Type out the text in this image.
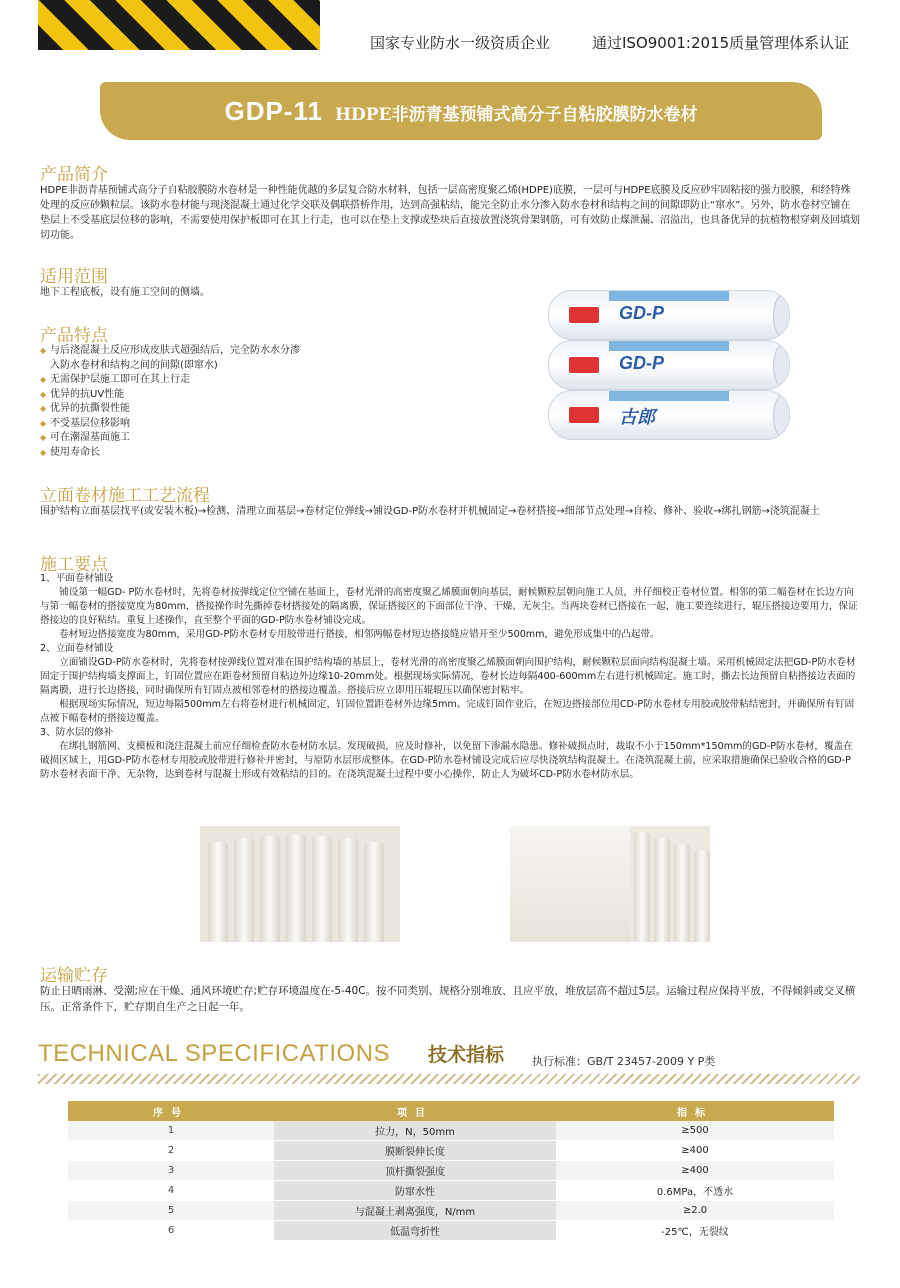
国家专业防水一级资质企业	通过ISO9001:2015质量管理体系认证
GDP-11 HDPE非沥青基预铺式高分子自粘胶膜防水卷材
产品简介
HDPE非沥青基预铺式高分子自粘胶膜防水卷材是一种性能优越的多层复合防水材料，包括一层高密度聚乙烯(HDPE)底膜，一层可与HDPE底膜及反应砂牢固粘接的强力胶膜，和经特殊处理的反应砂颗粒层。该防水卷材能与现浇混凝土通过化学交联及偶联搭桥作用，达到高强粘结，能完全防止水分渗入防水卷材和结构之间的间隙即防止“窜水”。另外，防水卷材空铺在垫层上不受基底层位移的影响，不需要使用保护板即可在其上行走，也可以在垫上支撑或垫块后直接放置浇筑骨架钢筋，可有效防止煤泄漏、沼溢出，也具备优异的抗植物根穿刺及回填划切功能。
适用范围
地下工程底板，设有施工空间的侧墙。
产品特点
◆ 与后浇混凝土反应形成皮肤式超强结后，完全防水水分渗入防水卷材和结构之间的间隙(即窜水)
◆ 无需保护层施工即可在其上行走
◆ 优异的抗UV性能
◆ 优异的抗撕裂性能
◆ 不受基层位移影响
◆ 可在潮湿基面施工
◆ 使用寿命长
GD-P
GD-P
古郎
立面卷材施工工艺流程
围护结构立面基层找平(或安装木板)→检测、清理立面基层→卷材定位弹线→铺设GD-P防水卷材并机械固定→卷材搭接→细部节点处理→自检、修补、验收→绑扎钢筋→浇筑混凝土
施工要点

1、平面卷材铺设

　　铺设第一幅GD- P防水卷材时，先将卷材按弹线定位空铺在基面上，卷材光滑的高密度聚乙烯膜面朝向基层，耐候颗粒层朝向施工人员，并仔细校正卷材位置。相邻的第二幅卷材在长边方向与第一幅卷材的搭接宽度为80mm，搭接操作时先撕掉卷材搭接处的隔离膜，保证搭接区的下面部位干净、干燥、无灰尘。当两块卷材已搭接在一起，施工要连续进行，辊压搭接边要用力，保证搭接边的良好粘结。重复上述操作，直至整个平面的GD-P防水卷材铺设完成。

　　卷材短边搭接宽度为80mm，采用GD-P防水卷材专用胶带进行搭接，相邻两幅卷材短边搭接缝应错开至少500mm，避免形成集中的凸起带。

2、立面卷材铺设

　　立面铺设GD-P防水卷材时，先将卷材按弹线位置对准在围护结构墙的基层上，卷材光滑的高密度聚乙烯膜面朝向围护结构，耐候颗粒层面向结构混凝土墙。采用机械固定法把GD-P防水卷材固定于围护结构墙支撑面上，钉固位置应在距卷材预留自粘边外边缘10-20mm处。根据现场实际情况，卷材长边每隔400-600mm左右进行机械固定。施工时，撕去长边预留自粘搭接边表面的隔离膜，进行长边搭接，同时确保所有钉固点被相邻卷材的搭接边覆盖。搭接后应立即用压辊辊压以确保密封粘牢。

　　根据现场实际情况，短边每隔500mm左右将卷材进行机械固定，钉固位置距卷材外边缘5mm。完成钉固作业后，在短边搭接部位用CD-P防水卷材专用胶或胶带粘结密封，并确保所有钉固点被下幅卷材的搭接边覆盖。

3、防水层的修补

　　在绑扎钢筋网、支模板和浇注混凝土前应仔细检查防水卷材防水层。发现破损，应及时修补，以免留下渗漏水隐患。修补破损点时，裁取不小于150mm*150mm的GD-P防水卷材，覆盖在破损区域上，用GD-P防水卷材专用胶或胶带进行修补并密封，与原防水层形成整体。在GD-P防水卷材铺设完成后应尽快浇筑结构混凝土。在浇筑混凝土前，应采取措施确保已验收合格的GD-P防水卷材表面干净、无杂物，达到卷材与混凝土形成有效粘结的目的。在浇筑混凝土过程中要小心操作，防止人为破坏CD-P防水卷材防水层。

运输贮存
防止日晒雨淋、受潮;应在干燥、通风环境贮存;贮存环境温度在-5-40C。按不同类别、规格分别堆放、且应平放，堆放层高不超过5层。运输过程应保持平放，不得倾斜或交叉横压。正常条件下，贮存期自生产之日起一年。
TECHNICAL SPECIFICATIONS 技术指标	执行标准：GB/T 23457-2009 Y P类
序号	项目	指标
1	拉力，N，50mm	≥500
2	膜断裂伸长度	≥400
3	顶杆撕裂强度	≥400
4	防窜水性	0.6MPa，不透水
5	与混凝土剥离强度，N/mm	≥2.0
6	低温弯折性	-25℃，无裂纹
